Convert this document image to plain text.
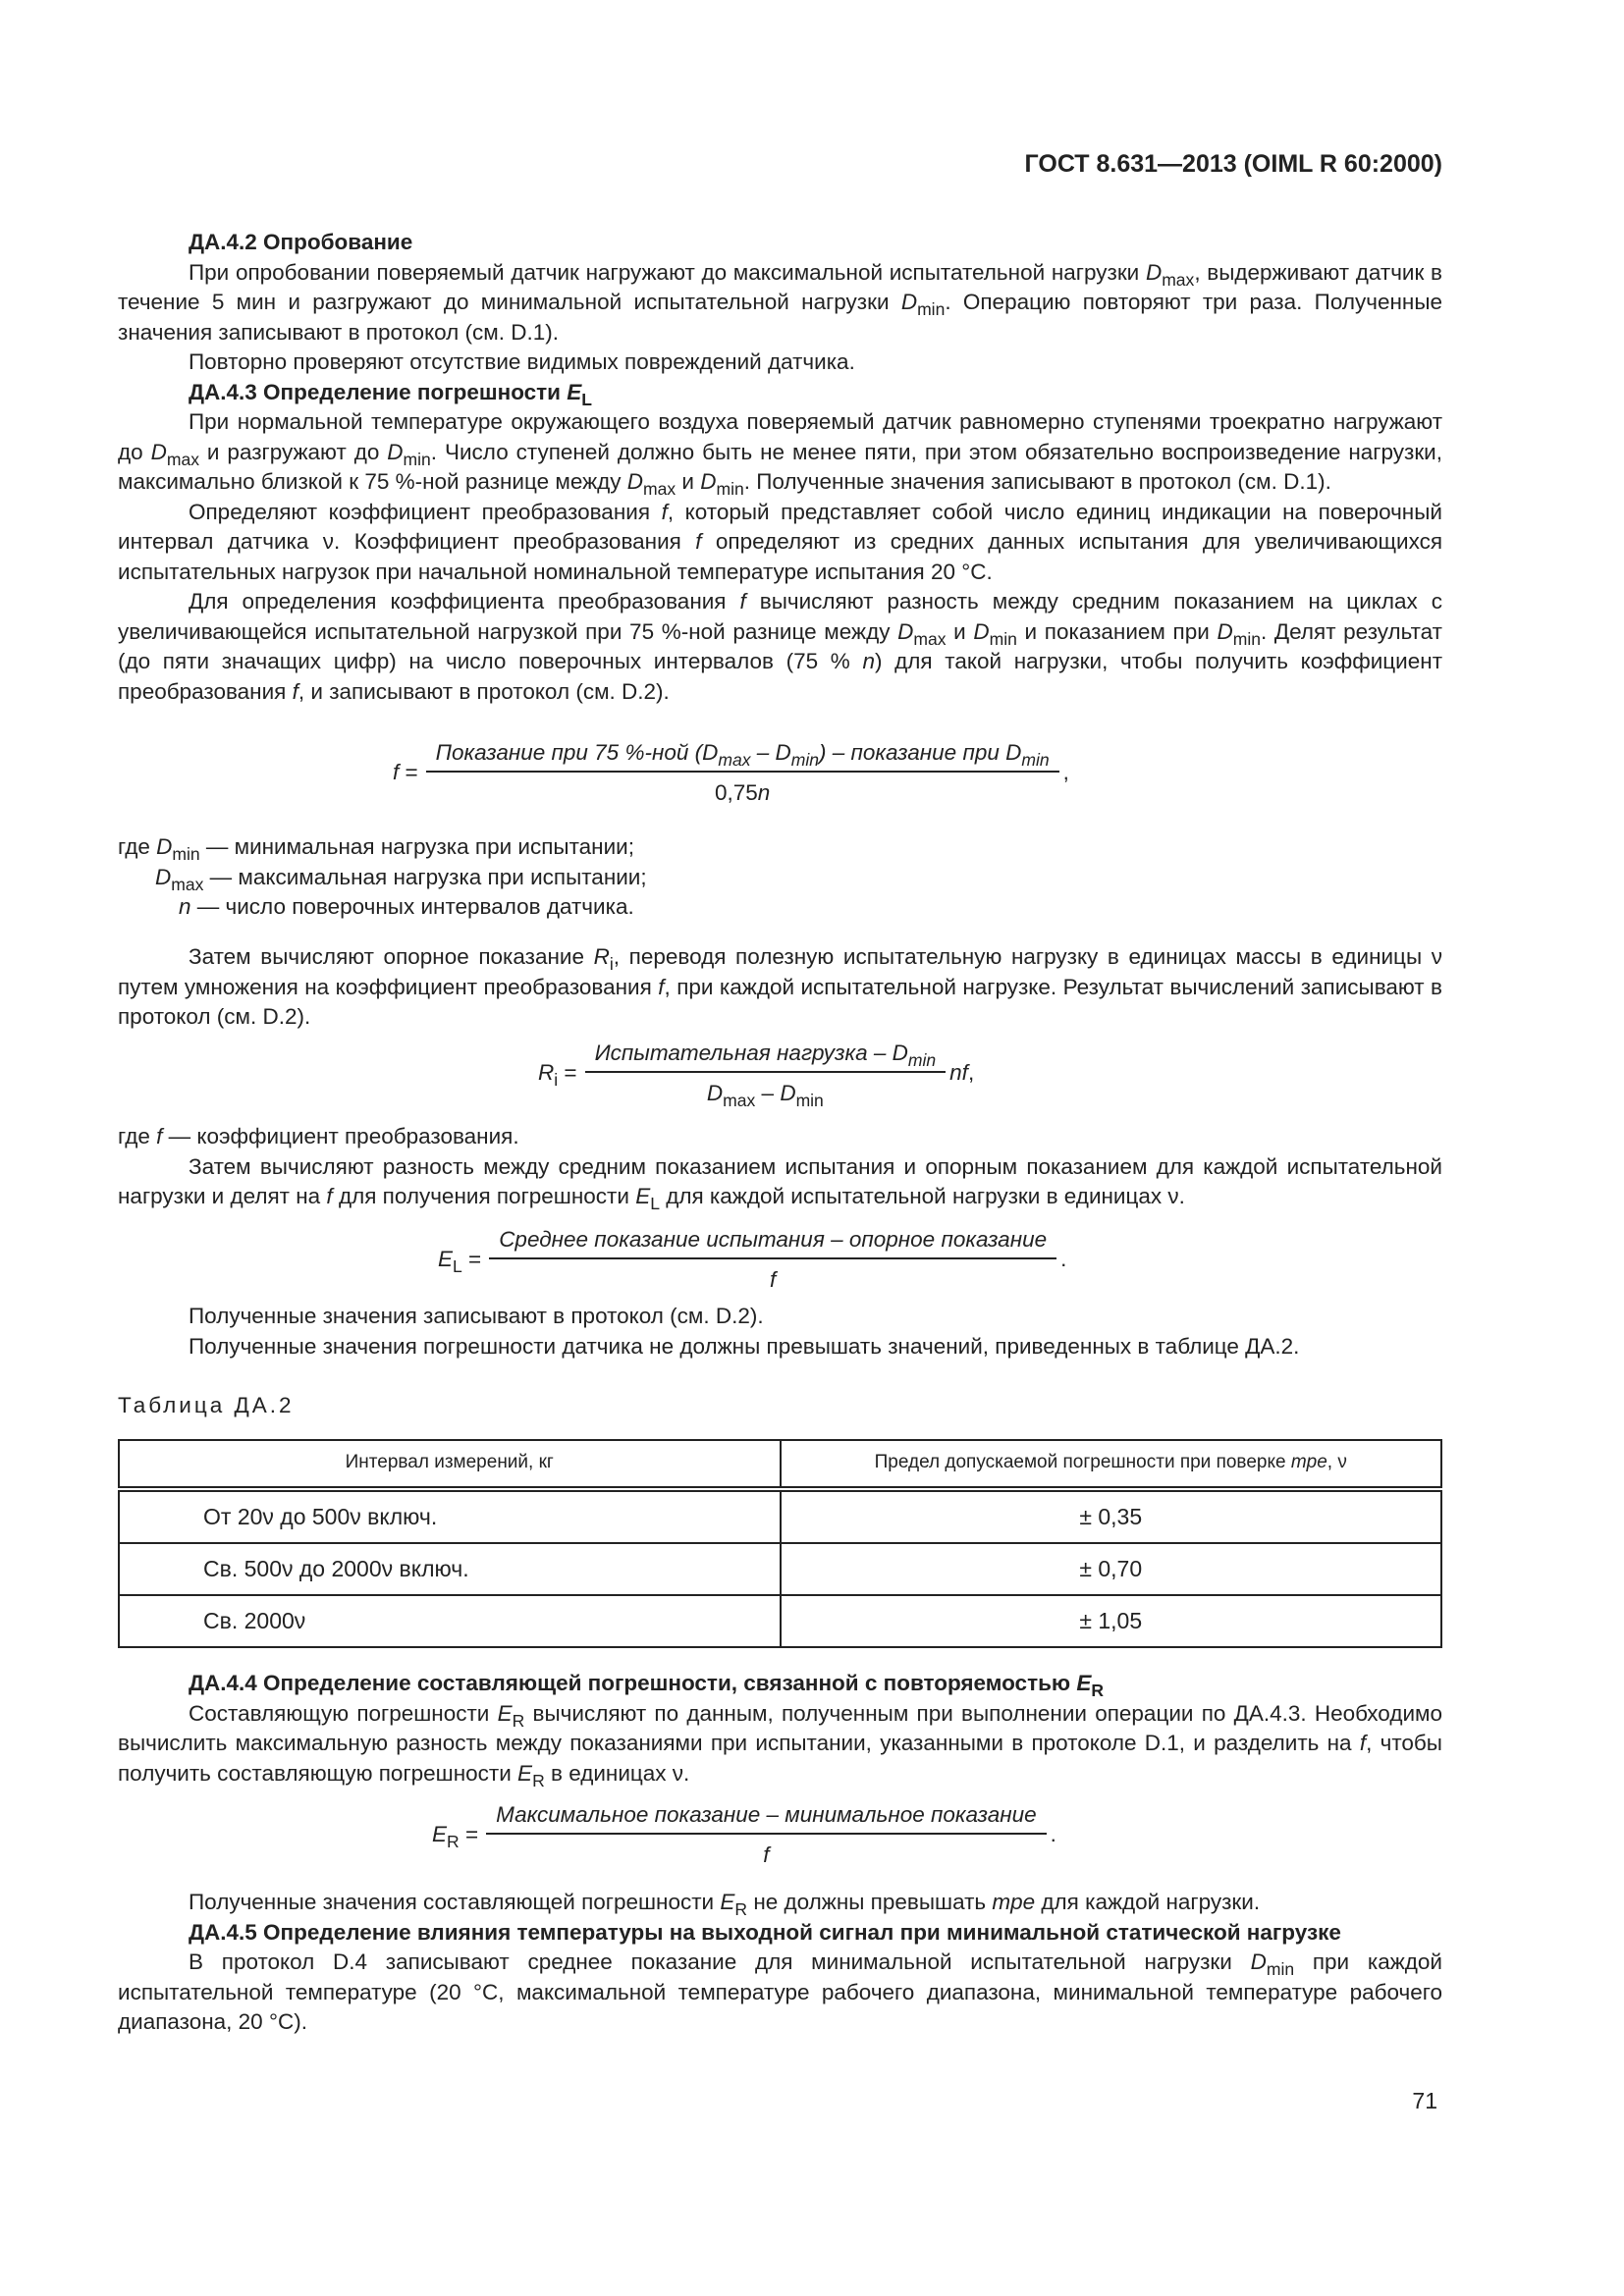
ГОСТ 8.631—2013 (OIML R 60:2000)
ДА.4.2 Опробование
При опробовании поверяемый датчик нагружают до максимальной испытательной нагрузки $D_{max}$, выдерживают датчик в течение 5 мин и разгружают до минимальной испытательной нагрузки $D_{min}$. Операцию повторяют три раза. Полученные значения записывают в протокол (см. D.1).
Повторно проверяют отсутствие видимых повреждений датчика.
ДА.4.3 Определение погрешности $E_L$
При нормальной температуре окружающего воздуха поверяемый датчик равномерно ступенями троекратно нагружают до $D_{max}$ и разгружают до $D_{min}$. Число ступеней должно быть не менее пяти, при этом обязательно воспроизведение нагрузки, максимально близкой к 75 %-ной разнице между $D_{max}$ и $D_{min}$. Полученные значения записывают в протокол (см. D.1).
Определяют коэффициент преобразования f, который представляет собой число единиц индикации на поверочный интервал датчика ν. Коэффициент преобразования f определяют из средних данных испытания для увеличивающихся испытательных нагрузок при начальной номинальной температуре испытания 20 °С.
Для определения коэффициента преобразования f вычисляют разность между средним показанием на циклах с увеличивающейся испытательной нагрузкой при 75 %-ной разнице между $D_{max}$ и $D_{min}$ и показанием при $D_{min}$. Делят результат (до пяти значащих цифр) на число поверочных интервалов (75 % n) для такой нагрузки, чтобы получить коэффициент преобразования f, и записывают в протокол (см. D.2).
$f = \frac{Показание при 75 \%-ной (D_{max} - D_{min}) - показание при D_{min}}{0,75n}$ ,
где $D_{min}$ — минимальная нагрузка при испытании;
$D_{max}$ — максимальная нагрузка при испытании;
n — число поверочных интервалов датчика.
Затем вычисляют опорное показание $R_i$, переводя полезную испытательную нагрузку в единицах массы в единицы ν путем умножения на коэффициент преобразования f, при каждой испытательной нагрузке. Результат вычислений записывают в протокол (см. D.2).
$R_i = \frac{Испытательная нагрузка - D_{min}}{D_{max} - D_{min}}$ nf,
где f — коэффициент преобразования.
Затем вычисляют разность между средним показанием испытания и опорным показанием для каждой испытательной нагрузки и делят на f для получения погрешности $E_L$ для каждой испытательной нагрузки в единицах ν.
$E_L = \frac{\text{Среднее показание испытания – опорное показание}}{f}$ .
Полученные значения записывают в протокол (см. D.2).
Полученные значения погрешности датчика не должны превышать значений, приведенных в таблице ДА.2.
Таблица ДА.2
Интервал измерений, кг	Предел допускаемой погрешности при поверке mpe, ν
От 20ν до 500ν включ.	± 0,35
Св. 500ν до 2000ν включ.	± 0,70
Св. 2000ν	± 1,05
ДА.4.4 Определение составляющей погрешности, связанной с повторяемостью $E_R$
Составляющую погрешности $E_R$ вычисляют по данным, полученным при выполнении операции по ДА.4.3. Необходимо вычислить максимальную разность между показаниями при испытании, указанными в протоколе D.1, и разделить на f, чтобы получить составляющую погрешности $E_R$ в единицах ν.
$E_R = \frac{\text{Максимальное показание – минимальное показание}}{f}$ .
Полученные значения составляющей погрешности $E_R$ не должны превышать mpe для каждой нагрузки.
ДА.4.5 Определение влияния температуры на выходной сигнал при минимальной статической нагрузке
В протокол D.4 записывают среднее показание для минимальной испытательной нагрузки $D_{min}$ при каждой испытательной температуре (20 °С, максимальной температуре рабочего диапазона, минимальной температуре рабочего диапазона, 20 °С).
71
